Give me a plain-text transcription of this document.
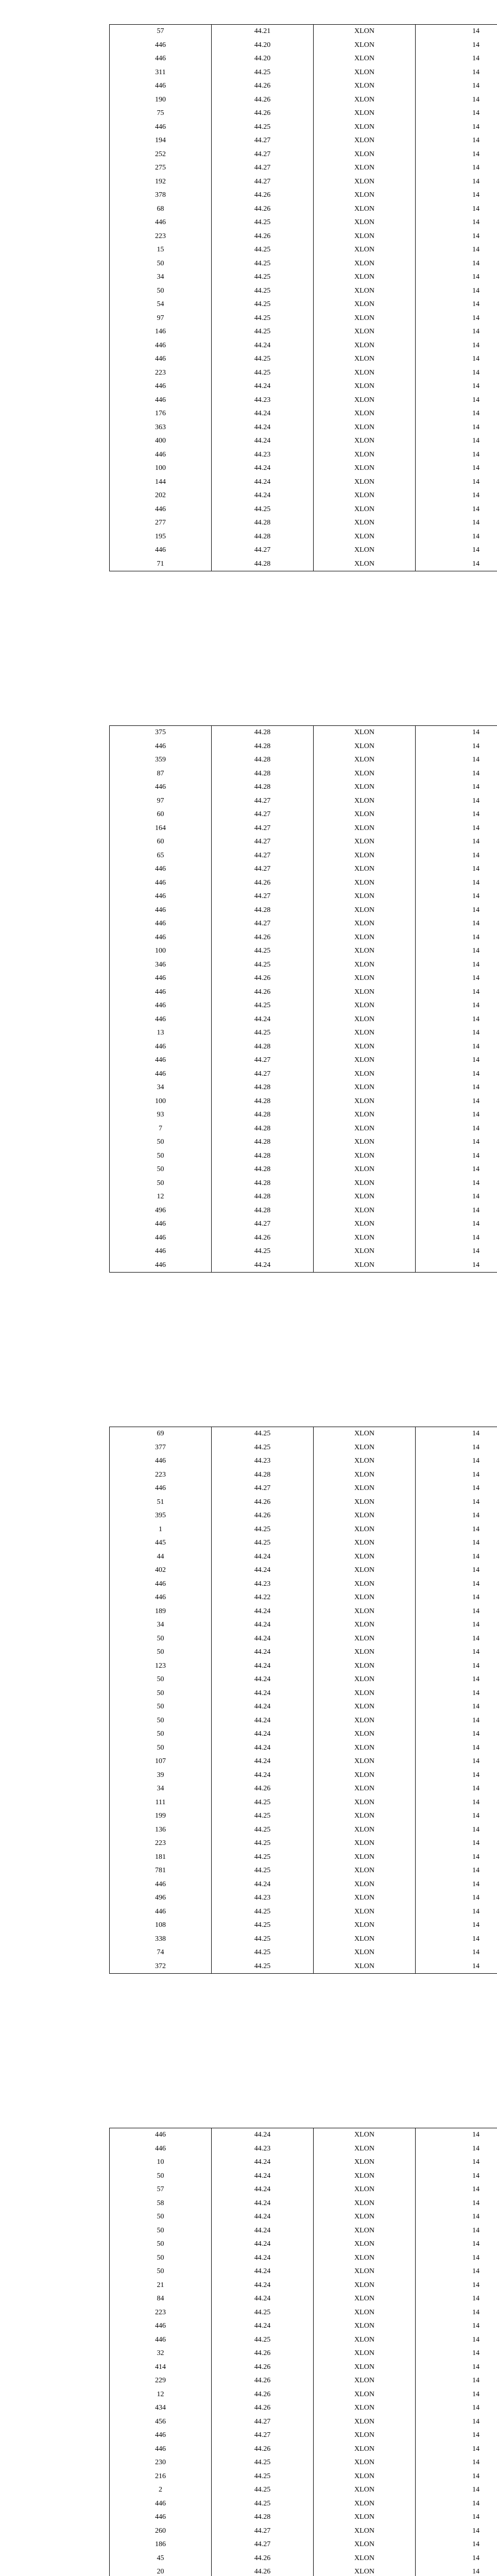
57	44.21	XLON	14
446	44.20	XLON	14
446	44.20	XLON	14
311	44.25	XLON	14
446	44.26	XLON	14
190	44.26	XLON	14
75	44.26	XLON	14
446	44.25	XLON	14
194	44.27	XLON	14
252	44.27	XLON	14
275	44.27	XLON	14
192	44.27	XLON	14
378	44.26	XLON	14
68	44.26	XLON	14
446	44.25	XLON	14
223	44.26	XLON	14
15	44.25	XLON	14
50	44.25	XLON	14
34	44.25	XLON	14
50	44.25	XLON	14
54	44.25	XLON	14
97	44.25	XLON	14
146	44.25	XLON	14
446	44.24	XLON	14
446	44.25	XLON	14
223	44.25	XLON	14
446	44.24	XLON	14
446	44.23	XLON	14
176	44.24	XLON	14
363	44.24	XLON	14
400	44.24	XLON	14
446	44.23	XLON	14
100	44.24	XLON	14
144	44.24	XLON	14
202	44.24	XLON	14
446	44.25	XLON	14
277	44.28	XLON	14
195	44.28	XLON	14
446	44.27	XLON	14
71	44.28	XLON	14
375	44.28	XLON	14
446	44.28	XLON	14
359	44.28	XLON	14
87	44.28	XLON	14
446	44.28	XLON	14
97	44.27	XLON	14
60	44.27	XLON	14
164	44.27	XLON	14
60	44.27	XLON	14
65	44.27	XLON	14
446	44.27	XLON	14
446	44.26	XLON	14
446	44.27	XLON	14
446	44.28	XLON	14
446	44.27	XLON	14
446	44.26	XLON	14
100	44.25	XLON	14
346	44.25	XLON	14
446	44.26	XLON	14
446	44.26	XLON	14
446	44.25	XLON	14
446	44.24	XLON	14
13	44.25	XLON	14
446	44.28	XLON	14
446	44.27	XLON	14
446	44.27	XLON	14
34	44.28	XLON	14
100	44.28	XLON	14
93	44.28	XLON	14
7	44.28	XLON	14
50	44.28	XLON	14
50	44.28	XLON	14
50	44.28	XLON	14
50	44.28	XLON	14
12	44.28	XLON	14
496	44.28	XLON	14
446	44.27	XLON	14
446	44.26	XLON	14
446	44.25	XLON	14
446	44.24	XLON	14
69	44.25	XLON	14
377	44.25	XLON	14
446	44.23	XLON	14
223	44.28	XLON	14
446	44.27	XLON	14
51	44.26	XLON	14
395	44.26	XLON	14
1	44.25	XLON	14
445	44.25	XLON	14
44	44.24	XLON	14
402	44.24	XLON	14
446	44.23	XLON	14
446	44.22	XLON	14
189	44.24	XLON	14
34	44.24	XLON	14
50	44.24	XLON	14
50	44.24	XLON	14
123	44.24	XLON	14
50	44.24	XLON	14
50	44.24	XLON	14
50	44.24	XLON	14
50	44.24	XLON	14
50	44.24	XLON	14
50	44.24	XLON	14
107	44.24	XLON	14
39	44.24	XLON	14
34	44.26	XLON	14
111	44.25	XLON	14
199	44.25	XLON	14
136	44.25	XLON	14
223	44.25	XLON	14
181	44.25	XLON	14
781	44.25	XLON	14
446	44.24	XLON	14
496	44.23	XLON	14
446	44.25	XLON	14
108	44.25	XLON	14
338	44.25	XLON	14
74	44.25	XLON	14
372	44.25	XLON	14
446	44.24	XLON	14
446	44.23	XLON	14
10	44.24	XLON	14
50	44.24	XLON	14
57	44.24	XLON	14
58	44.24	XLON	14
50	44.24	XLON	14
50	44.24	XLON	14
50	44.24	XLON	14
50	44.24	XLON	14
50	44.24	XLON	14
21	44.24	XLON	14
84	44.24	XLON	14
223	44.25	XLON	14
446	44.24	XLON	14
446	44.25	XLON	14
32	44.26	XLON	14
414	44.26	XLON	14
229	44.26	XLON	14
12	44.26	XLON	14
434	44.26	XLON	14
456	44.27	XLON	14
446	44.27	XLON	14
446	44.26	XLON	14
230	44.25	XLON	14
216	44.25	XLON	14
2	44.25	XLON	14
446	44.25	XLON	14
446	44.28	XLON	14
260	44.27	XLON	14
186	44.27	XLON	14
45	44.26	XLON	14
20	44.26	XLON	14
